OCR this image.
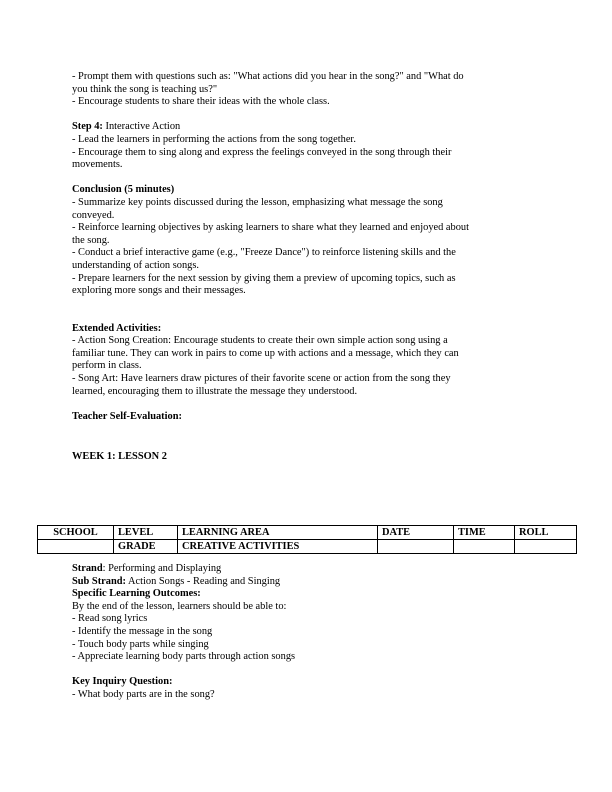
- Prompt them with questions such as: "What actions did you hear in the song?" and "What do
you think the song is teaching us?"
- Encourage students to share their ideas with the whole class.
Step 4: Interactive Action
- Lead the learners in performing the actions from the song together.
- Encourage them to sing along and express the feelings conveyed in the song through their
movements.
Conclusion (5 minutes)
- Summarize key points discussed during the lesson, emphasizing what message the song
conveyed.
- Reinforce learning objectives by asking learners to share what they learned and enjoyed about
the song.
- Conduct a brief interactive game (e.g., "Freeze Dance") to reinforce listening skills and the
understanding of action songs.
- Prepare learners for the next session by giving them a preview of upcoming topics, such as
exploring more songs and their messages.
Extended Activities:
- Action Song Creation: Encourage students to create their own simple action song using a
familiar tune. They can work in pairs to come up with actions and a message, which they can
perform in class.
- Song Art: Have learners draw pictures of their favorite scene or action from the song they
learned, encouraging them to illustrate the message they understood.
Teacher Self-Evaluation:
WEEK 1: LESSON 2
SCHOOL	LEVEL	LEARNING AREA	DATE	TIME	ROLL
	GRADE	CREATIVE ACTIVITIES			
Strand: Performing and Displaying
Sub Strand: Action Songs - Reading and Singing
Specific Learning Outcomes:
By the end of the lesson, learners should be able to:
- Read song lyrics
- Identify the message in the song
- Touch body parts while singing
- Appreciate learning body parts through action songs
Key Inquiry Question:
- What body parts are in the song?
